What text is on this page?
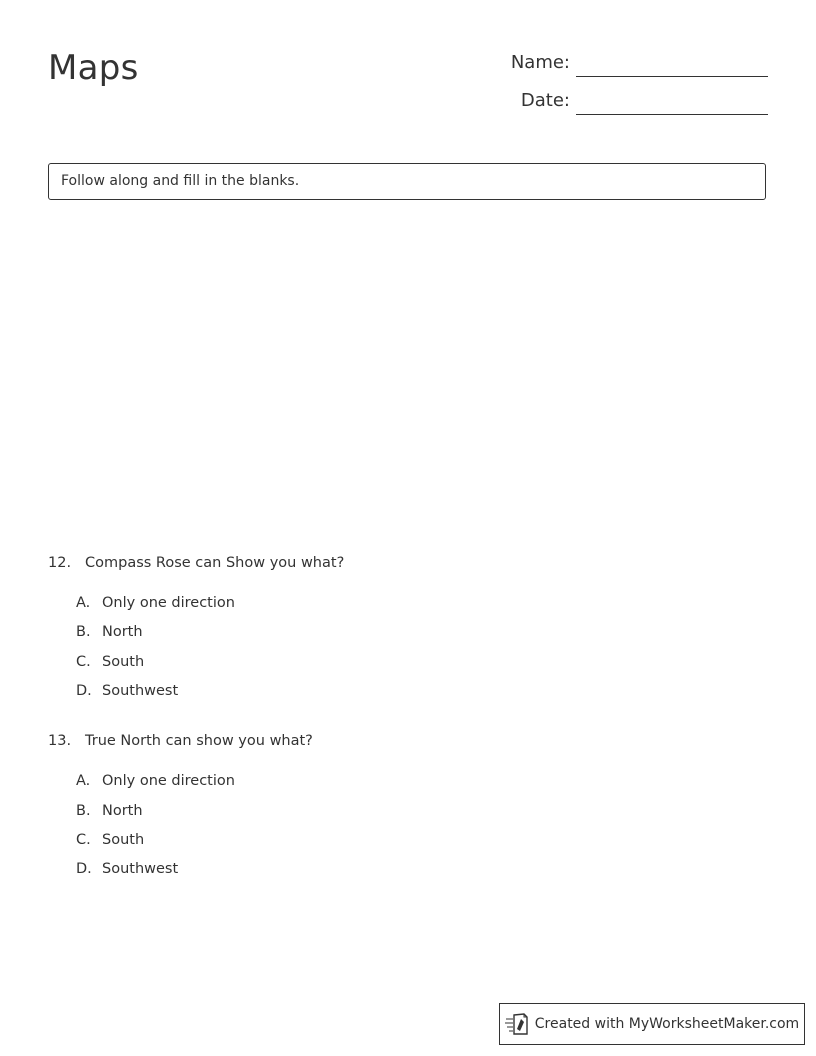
Maps	Name:
Date:
Follow along and fill in the blanks.
12. Compass Rose can Show you what?
A. Only one direction
B. North
C. South
D. Southwest
13. True North can show you what?
A. Only one direction
B. North
C. South
D. Southwest
Created with MyWorksheetMaker.com
